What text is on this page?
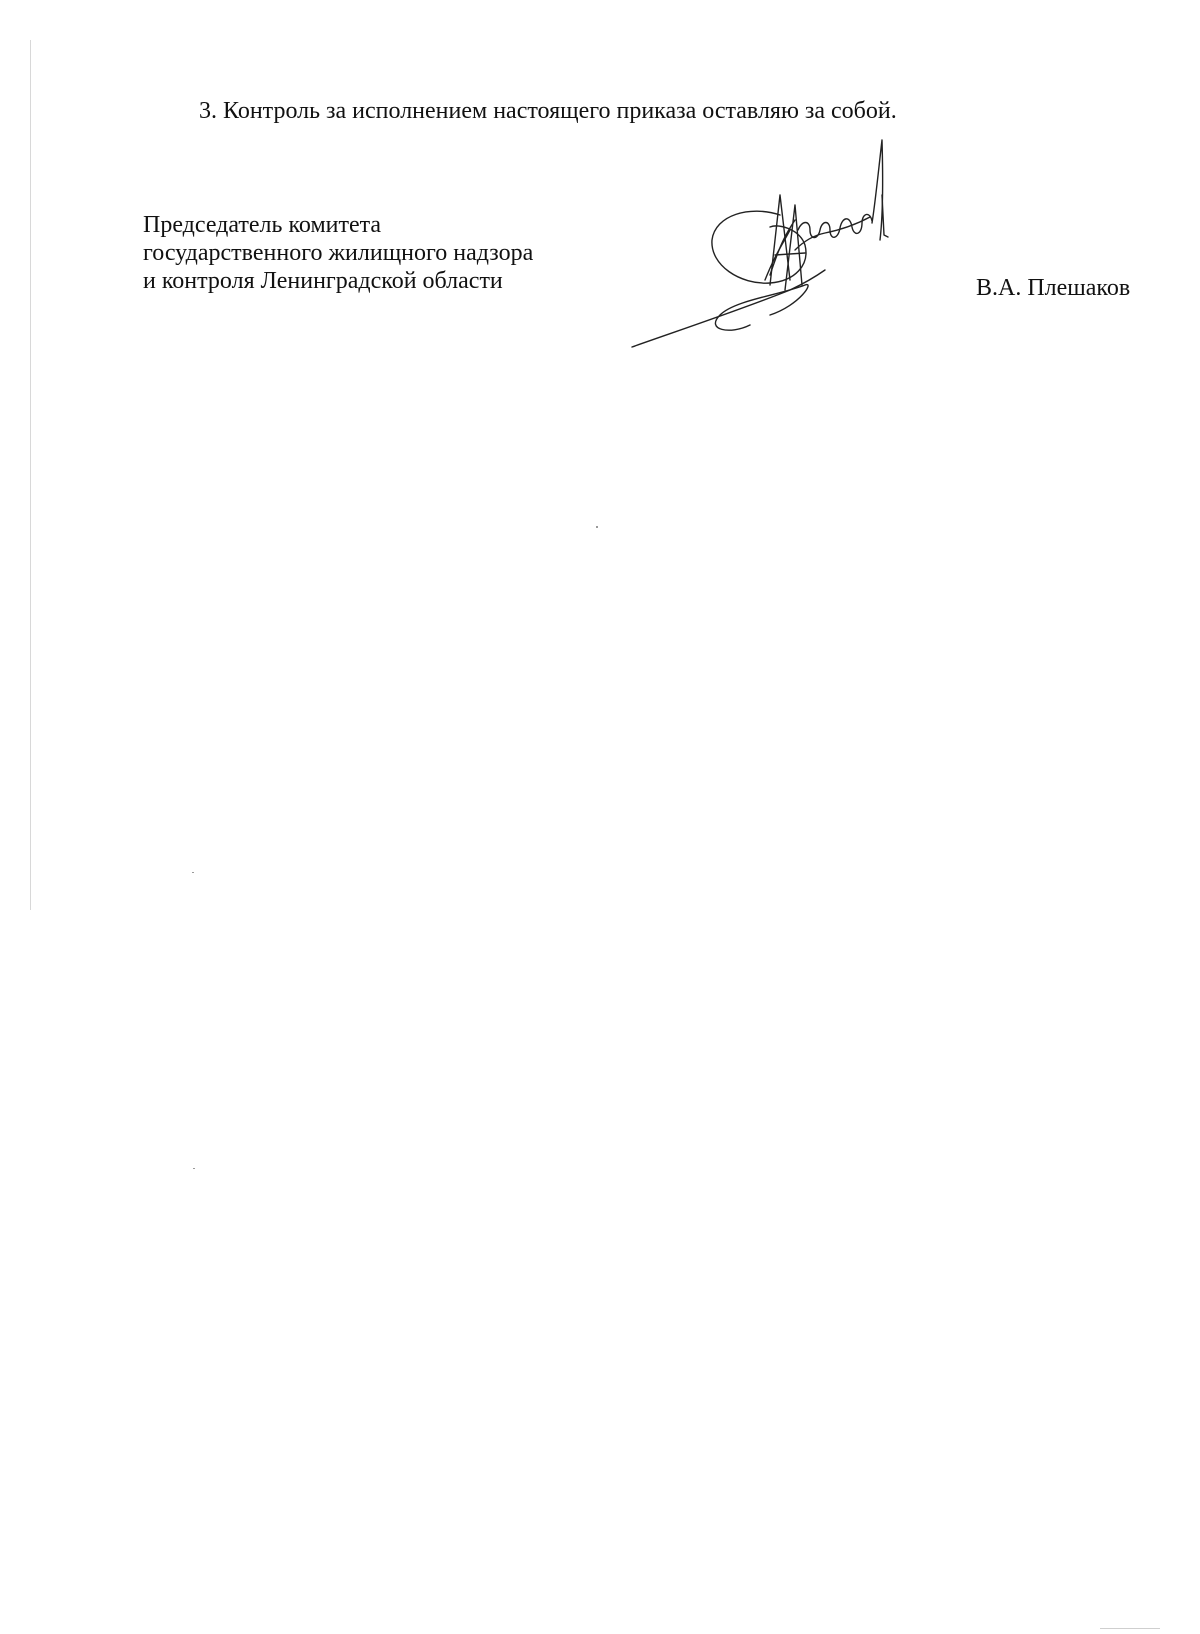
3. Контроль за исполнением настоящего приказа оставляю за собой.
Председатель комитета
государственного жилищного надзора
и контроля Ленинградской области	В.А. Плешаков
